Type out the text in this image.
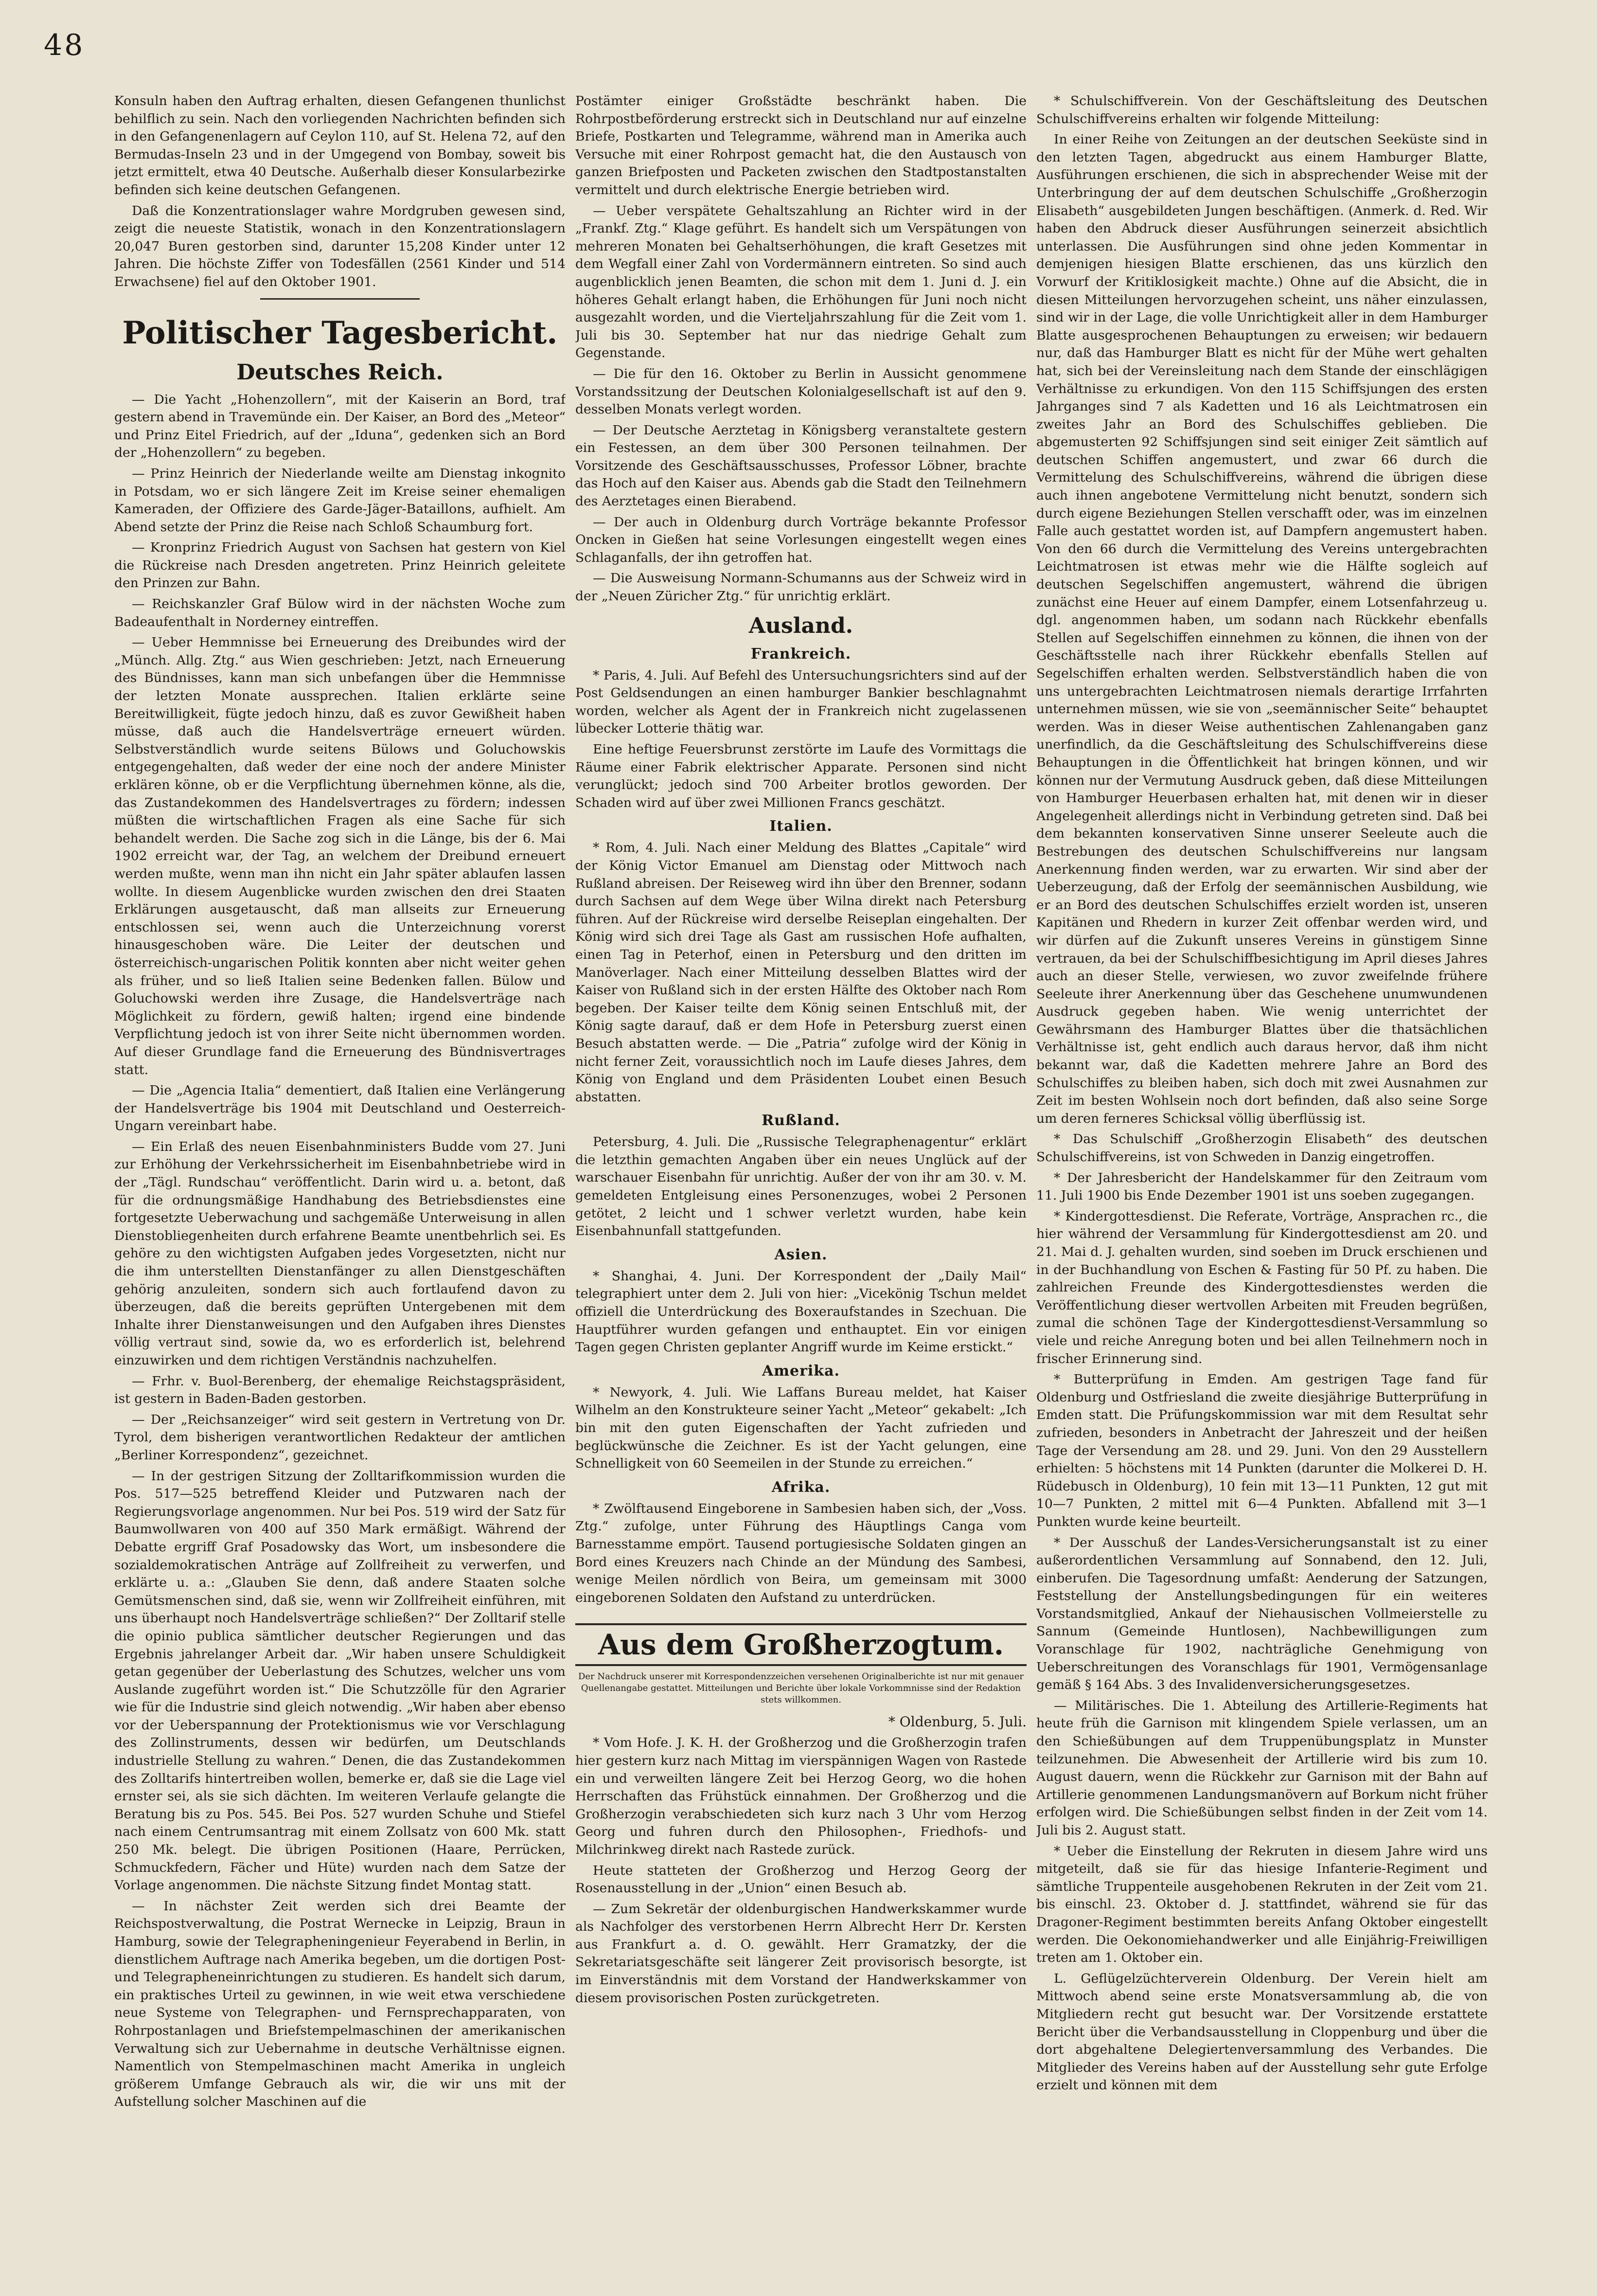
48

Konsuln haben den Auftrag erhalten, diesen Gefangenen thunlichst behilflich zu sein. Nach den vorliegenden Nachrichten befinden sich in den Gefangenenlagern auf Ceylon 110, auf St. Helena 72, auf den Bermudas-Inseln 23 und in der Umgegend von Bombay, soweit bis jetzt ermittelt, etwa 40 Deutsche. Außerhalb dieser Konsularbezirke befinden sich keine deutschen Gefangenen.

Daß die Konzentrationslager wahre Mordgruben gewesen sind, zeigt die neueste Statistik, wonach in den Konzentrationslagern 20,047 Buren gestorben sind, darunter 15,208 Kinder unter 12 Jahren. Die höchste Ziffer von Todesfällen (2561 Kinder und 514 Erwachsene) fiel auf den Oktober 1901.

Politischer Tagesbericht.
Deutsches Reich.

— Die Yacht „Hohenzollern“, mit der Kaiserin an Bord, traf gestern abend in Travemünde ein. Der Kaiser, an Bord des „Meteor“ und Prinz Eitel Friedrich, auf der „Iduna“, gedenken sich an Bord der „Hohenzollern“ zu begeben.

— Prinz Heinrich der Niederlande weilte am Dienstag inkognito in Potsdam, wo er sich längere Zeit im Kreise seiner ehemaligen Kameraden, der Offiziere des Garde-Jäger-Bataillons, aufhielt. Am Abend setzte der Prinz die Reise nach Schloß Schaumburg fort.

— Kronprinz Friedrich August von Sachsen hat gestern von Kiel die Rückreise nach Dresden angetreten. Prinz Heinrich geleitete den Prinzen zur Bahn.

— Reichskanzler Graf Bülow wird in der nächsten Woche zum Badeaufenthalt in Norderney eintreffen.

— Ueber Hemmnisse bei Erneuerung des Dreibundes wird der „Münch. Allg. Ztg.“ aus Wien geschrieben: Jetzt, nach Erneuerung des Bündnisses, kann man sich unbefangen über die Hemmnisse der letzten Monate aussprechen. Italien erklärte seine Bereitwilligkeit, fügte jedoch hinzu, daß es zuvor Gewißheit haben müsse, daß auch die Handelsverträge erneuert würden. Selbstverständlich wurde seitens Bülows und Goluchowskis entgegengehalten, daß weder der eine noch der andere Minister erklären könne, ob er die Verpflichtung übernehmen könne, als die, das Zustandekommen des Handelsvertrages zu fördern; indessen müßten die wirtschaftlichen Fragen als eine Sache für sich behandelt werden. Die Sache zog sich in die Länge, bis der 6. Mai 1902 erreicht war, der Tag, an welchem der Dreibund erneuert werden mußte, wenn man ihn nicht ein Jahr später ablaufen lassen wollte. In diesem Augenblicke wurden zwischen den drei Staaten Erklärungen ausgetauscht, daß man allseits zur Erneuerung entschlossen sei, wenn auch die Unterzeichnung vorerst hinausgeschoben wäre. Die Leiter der deutschen und österreichisch-ungarischen Politik konnten aber nicht weiter gehen als früher, und so ließ Italien seine Bedenken fallen. Bülow und Goluchowski werden ihre Zusage, die Handelsverträge nach Möglichkeit zu fördern, gewiß halten; irgend eine bindende Verpflichtung jedoch ist von ihrer Seite nicht übernommen worden. Auf dieser Grundlage fand die Erneuerung des Bündnisvertrages statt.

— Die „Agencia Italia“ dementiert, daß Italien eine Verlängerung der Handelsverträge bis 1904 mit Deutschland und Oesterreich-Ungarn vereinbart habe.

— Ein Erlaß des neuen Eisenbahnministers Budde vom 27. Juni zur Erhöhung der Verkehrssicherheit im Eisenbahnbetriebe wird in der „Tägl. Rundschau“ veröffentlicht. Darin wird u. a. betont, daß für die ordnungsmäßige Handhabung des Betriebsdienstes eine fortgesetzte Ueberwachung und sachgemäße Unterweisung in allen Dienstobliegenheiten durch erfahrene Beamte unentbehrlich sei. Es gehöre zu den wichtigsten Aufgaben jedes Vorgesetzten, nicht nur die ihm unterstellten Dienstanfänger zu allen Dienstgeschäften gehörig anzuleiten, sondern sich auch fortlaufend davon zu überzeugen, daß die bereits geprüften Untergebenen mit dem Inhalte ihrer Dienstanweisungen und den Aufgaben ihres Dienstes völlig vertraut sind, sowie da, wo es erforderlich ist, belehrend einzuwirken und dem richtigen Verständnis nachzuhelfen.

— Frhr. v. Buol-Berenberg, der ehemalige Reichstagspräsident, ist gestern in Baden-Baden gestorben.

— Der „Reichsanzeiger“ wird seit gestern in Vertretung von Dr. Tyrol, dem bisherigen verantwortlichen Redakteur der amtlichen „Berliner Korrespondenz“, gezeichnet.

— In der gestrigen Sitzung der Zolltarifkommission wurden die Pos. 517—525 betreffend Kleider und Putzwaren nach der Regierungsvorlage angenommen. Nur bei Pos. 519 wird der Satz für Baumwollwaren von 400 auf 350 Mark ermäßigt. Während der Debatte ergriff Graf Posadowsky das Wort, um insbesondere die sozialdemokratischen Anträge auf Zollfreiheit zu verwerfen, und erklärte u. a.: „Glauben Sie denn, daß andere Staaten solche Gemütsmenschen sind, daß sie, wenn wir Zollfreiheit einführen, mit uns überhaupt noch Handelsverträge schließen?“ Der Zolltarif stelle die opinio publica sämtlicher deutscher Regierungen und das Ergebnis jahrelanger Arbeit dar. „Wir haben unsere Schuldigkeit getan gegenüber der Ueberlastung des Schutzes, welcher uns vom Auslande zugeführt worden ist.“ Die Schutzzölle für den Agrarier wie für die Industrie sind gleich notwendig. „Wir haben aber ebenso vor der Ueberspannung der Protektionismus wie vor Verschlagung des Zollinstruments, dessen wir bedürfen, um Deutschlands industrielle Stellung zu wahren.“ Denen, die das Zustandekommen des Zolltarifs hintertreiben wollen, bemerke er, daß sie die Lage viel ernster sei, als sie sich dächten. Im weiteren Verlaufe gelangte die Beratung bis zu Pos. 545. Bei Pos. 527 wurden Schuhe und Stiefel nach einem Centrumsantrag mit einem Zollsatz von 600 Mk. statt 250 Mk. belegt. Die übrigen Positionen (Haare, Perrücken, Schmuckfedern, Fächer und Hüte) wurden nach dem Satze der Vorlage angenommen. Die nächste Sitzung findet Montag statt.

— In nächster Zeit werden sich drei Beamte der Reichspostverwaltung, die Postrat Wernecke in Leipzig, Braun in Hamburg, sowie der Telegrapheningenieur Feyerabend in Berlin, in dienstlichem Auftrage nach Amerika begeben, um die dortigen Post- und Telegrapheneinrichtungen zu studieren. Es handelt sich darum, ein praktisches Urteil zu gewinnen, in wie weit etwa verschiedene neue Systeme von Telegraphen- und Fernsprechapparaten, von Rohrpostanlagen und Briefstempelmaschinen der amerikanischen Verwaltung sich zur Uebernahme in deutsche Verhältnisse eignen. Namentlich von Stempelmaschinen macht Amerika in ungleich größerem Umfange Gebrauch als wir, die wir uns mit der Aufstellung solcher Maschinen auf die

Postämter einiger Großstädte beschränkt haben. Die Rohrpostbeförderung erstreckt sich in Deutschland nur auf einzelne Briefe, Postkarten und Telegramme, während man in Amerika auch Versuche mit einer Rohrpost gemacht hat, die den Austausch von ganzen Briefposten und Packeten zwischen den Stadtpostanstalten vermittelt und durch elektrische Energie betrieben wird.

— Ueber verspätete Gehaltszahlung an Richter wird in der „Frankf. Ztg.“ Klage geführt. Es handelt sich um Verspätungen von mehreren Monaten bei Gehaltserhöhungen, die kraft Gesetzes mit dem Wegfall einer Zahl von Vordermännern eintreten. So sind auch augenblicklich jenen Beamten, die schon mit dem 1. Juni d. J. ein höheres Gehalt erlangt haben, die Erhöhungen für Juni noch nicht ausgezahlt worden, und die Vierteljahrszahlung für die Zeit vom 1. Juli bis 30. September hat nur das niedrige Gehalt zum Gegenstande.

— Die für den 16. Oktober zu Berlin in Aussicht genommene Vorstandssitzung der Deutschen Kolonialgesellschaft ist auf den 9. desselben Monats verlegt worden.

— Der Deutsche Aerztetag in Königsberg veranstaltete gestern ein Festessen, an dem über 300 Personen teilnahmen. Der Vorsitzende des Geschäftsausschusses, Professor Löbner, brachte das Hoch auf den Kaiser aus. Abends gab die Stadt den Teilnehmern des Aerztetages einen Bierabend.

— Der auch in Oldenburg durch Vorträge bekannte Professor Oncken in Gießen hat seine Vorlesungen eingestellt wegen eines Schlaganfalls, der ihn getroffen hat.

— Die Ausweisung Normann-Schumanns aus der Schweiz wird in der „Neuen Züricher Ztg.“ für unrichtig erklärt.

Ausland.
Frankreich.

* Paris, 4. Juli. Auf Befehl des Untersuchungsrichters sind auf der Post Geldsendungen an einen hamburger Bankier beschlagnahmt worden, welcher als Agent der in Frankreich nicht zugelassenen lübecker Lotterie thätig war.

Eine heftige Feuersbrunst zerstörte im Laufe des Vormittags die Räume einer Fabrik elektrischer Apparate. Personen sind nicht verunglückt; jedoch sind 700 Arbeiter brotlos geworden. Der Schaden wird auf über zwei Millionen Francs geschätzt.

Italien.

* Rom, 4. Juli. Nach einer Meldung des Blattes „Capitale“ wird der König Victor Emanuel am Dienstag oder Mittwoch nach Rußland abreisen. Der Reiseweg wird ihn über den Brenner, sodann durch Sachsen auf dem Wege über Wilna direkt nach Petersburg führen. Auf der Rückreise wird derselbe Reiseplan eingehalten. Der König wird sich drei Tage als Gast am russischen Hofe aufhalten, einen Tag in Peterhof, einen in Petersburg und den dritten im Manöverlager. Nach einer Mitteilung desselben Blattes wird der Kaiser von Rußland sich in der ersten Hälfte des Oktober nach Rom begeben. Der Kaiser teilte dem König seinen Entschluß mit, der König sagte darauf, daß er dem Hofe in Petersburg zuerst einen Besuch abstatten werde. — Die „Patria“ zufolge wird der König in nicht ferner Zeit, voraussichtlich noch im Laufe dieses Jahres, dem König von England und dem Präsidenten Loubet einen Besuch abstatten.

Rußland.

Petersburg, 4. Juli. Die „Russische Telegraphenagentur“ erklärt die letzthin gemachten Angaben über ein neues Unglück auf der warschauer Eisenbahn für unrichtig. Außer der von ihr am 30. v. M. gemeldeten Entgleisung eines Personenzuges, wobei 2 Personen getötet, 2 leicht und 1 schwer verletzt wurden, habe kein Eisenbahnunfall stattgefunden.

Asien.

* Shanghai, 4. Juni. Der Korrespondent der „Daily Mail“ telegraphiert unter dem 2. Juli von hier: „Vicekönig Tschun meldet offiziell die Unterdrückung des Boxeraufstandes in Szechuan. Die Hauptführer wurden gefangen und enthauptet. Ein vor einigen Tagen gegen Christen geplanter Angriff wurde im Keime erstickt.“

Amerika.

* Newyork, 4. Juli. Wie Laffans Bureau meldet, hat Kaiser Wilhelm an den Konstrukteure seiner Yacht „Meteor“ gekabelt: „Ich bin mit den guten Eigenschaften der Yacht zufrieden und beglückwünsche die Zeichner. Es ist der Yacht gelungen, eine Schnelligkeit von 60 Seemeilen in der Stunde zu erreichen.“

Afrika.

* Zwölftausend Eingeborene in Sambesien haben sich, der „Voss. Ztg.“ zufolge, unter Führung des Häuptlings Canga vom Barnesstamme empört. Tausend portugiesische Soldaten gingen an Bord eines Kreuzers nach Chinde an der Mündung des Sambesi, wenige Meilen nördlich von Beira, um gemeinsam mit 3000 eingeborenen Soldaten den Aufstand zu unterdrücken.

Aus dem Großherzogtum.

Der Nachdruck unserer mit Korrespondenzzeichen versehenen Originalberichte ist nur mit genauer Quellenangabe gestattet. Mitteilungen und Berichte über lokale Vorkommnisse sind der Redaktion stets willkommen.

* Oldenburg, 5. Juli.

* Vom Hofe. J. K. H. der Großherzog und die Großherzogin trafen hier gestern kurz nach Mittag im vierspännigen Wagen von Rastede ein und verweilten längere Zeit bei Herzog Georg, wo die hohen Herrschaften das Frühstück einnahmen. Der Großherzog und die Großherzogin verabschiedeten sich kurz nach 3 Uhr vom Herzog Georg und fuhren durch den Philosophen-, Friedhofs- und Milchrinkweg direkt nach Rastede zurück.

Heute statteten der Großherzog und Herzog Georg der Rosenausstellung in der „Union“ einen Besuch ab.

— Zum Sekretär der oldenburgischen Handwerkskammer wurde als Nachfolger des verstorbenen Herrn Albrecht Herr Dr. Kersten aus Frankfurt a. d. O. gewählt. Herr Gramatzky, der die Sekretariatsgeschäfte seit längerer Zeit provisorisch besorgte, ist im Einverständnis mit dem Vorstand der Handwerkskammer von diesem provisorischen Posten zurückgetreten.

* Schulschiffverein. Von der Geschäftsleitung des Deutschen Schulschiffvereins erhalten wir folgende Mitteilung:

In einer Reihe von Zeitungen an der deutschen Seeküste sind in den letzten Tagen, abgedruckt aus einem Hamburger Blatte, Ausführungen erschienen, die sich in absprechender Weise mit der Unterbringung der auf dem deutschen Schulschiffe „Großherzogin Elisabeth“ ausgebildeten Jungen beschäftigen. (Anmerk. d. Red. Wir haben den Abdruck dieser Ausführungen seinerzeit absichtlich unterlassen. Die Ausführungen sind ohne jeden Kommentar in demjenigen hiesigen Blatte erschienen, das uns kürzlich den Vorwurf der Kritiklosigkeit machte.) Ohne auf die Absicht, die in diesen Mitteilungen hervorzugehen scheint, uns näher einzulassen, sind wir in der Lage, die volle Unrichtigkeit aller in dem Hamburger Blatte ausgesprochenen Behauptungen zu erweisen; wir bedauern nur, daß das Hamburger Blatt es nicht für der Mühe wert gehalten hat, sich bei der Vereinsleitung nach dem Stande der einschlägigen Verhältnisse zu erkundigen. Von den 115 Schiffsjungen des ersten Jahrganges sind 7 als Kadetten und 16 als Leichtmatrosen ein zweites Jahr an Bord des Schulschiffes geblieben. Die abgemusterten 92 Schiffsjungen sind seit einiger Zeit sämtlich auf deutschen Schiffen angemustert, und zwar 66 durch die Vermittelung des Schulschiffvereins, während die übrigen diese auch ihnen angebotene Vermittelung nicht benutzt, sondern sich durch eigene Beziehungen Stellen verschafft oder, was im einzelnen Falle auch gestattet worden ist, auf Dampfern angemustert haben. Von den 66 durch die Vermittelung des Vereins untergebrachten Leichtmatrosen ist etwas mehr wie die Hälfte sogleich auf deutschen Segelschiffen angemustert, während die übrigen zunächst eine Heuer auf einem Dampfer, einem Lotsenfahrzeug u. dgl. angenommen haben, um sodann nach Rückkehr ebenfalls Stellen auf Segelschiffen einnehmen zu können, die ihnen von der Geschäftsstelle nach ihrer Rückkehr ebenfalls Stellen auf Segelschiffen erhalten werden. Selbstverständlich haben die von uns untergebrachten Leichtmatrosen niemals derartige Irrfahrten unternehmen müssen, wie sie von „seemännischer Seite“ behauptet werden. Was in dieser Weise authentischen Zahlenangaben ganz unerfindlich, da die Geschäftsleitung des Schulschiffvereins diese Behauptungen in die Öffentlichkeit hat bringen können, und wir können nur der Vermutung Ausdruck geben, daß diese Mitteilungen von Hamburger Heuerbasen erhalten hat, mit denen wir in dieser Angelegenheit allerdings nicht in Verbindung getreten sind. Daß bei dem bekannten konservativen Sinne unserer Seeleute auch die Bestrebungen des deutschen Schulschiffvereins nur langsam Anerkennung finden werden, war zu erwarten. Wir sind aber der Ueberzeugung, daß der Erfolg der seemännischen Ausbildung, wie er an Bord des deutschen Schulschiffes erzielt worden ist, unseren Kapitänen und Rhedern in kurzer Zeit offenbar werden wird, und wir dürfen auf die Zukunft unseres Vereins in günstigem Sinne vertrauen, da bei der Schulschiffbesichtigung im April dieses Jahres auch an dieser Stelle, verwiesen, wo zuvor zweifelnde frühere Seeleute ihrer Anerkennung über das Geschehene unumwundenen Ausdruck gegeben haben. Wie wenig unterrichtet der Gewährsmann des Hamburger Blattes über die thatsächlichen Verhältnisse ist, geht endlich auch daraus hervor, daß ihm nicht bekannt war, daß die Kadetten mehrere Jahre an Bord des Schulschiffes zu bleiben haben, sich doch mit zwei Ausnahmen zur Zeit im besten Wohlsein noch dort befinden, daß also seine Sorge um deren ferneres Schicksal völlig überflüssig ist.

* Das Schulschiff „Großherzogin Elisabeth“ des deutschen Schulschiffvereins, ist von Schweden in Danzig eingetroffen.

* Der Jahresbericht der Handelskammer für den Zeitraum vom 11. Juli 1900 bis Ende Dezember 1901 ist uns soeben zugegangen.

* Kindergottesdienst. Die Referate, Vorträge, Ansprachen rc., die hier während der Versammlung für Kindergottesdienst am 20. und 21. Mai d. J. gehalten wurden, sind soeben im Druck erschienen und in der Buchhandlung von Eschen & Fasting für 50 Pf. zu haben. Die zahlreichen Freunde des Kindergottesdienstes werden die Veröffentlichung dieser wertvollen Arbeiten mit Freuden begrüßen, zumal die schönen Tage der Kindergottesdienst-Versammlung so viele und reiche Anregung boten und bei allen Teilnehmern noch in frischer Erinnerung sind.

* Butterprüfung in Emden. Am gestrigen Tage fand für Oldenburg und Ostfriesland die zweite diesjährige Butterprüfung in Emden statt. Die Prüfungskommission war mit dem Resultat sehr zufrieden, besonders in Anbetracht der Jahreszeit und der heißen Tage der Versendung am 28. und 29. Juni. Von den 29 Ausstellern erhielten: 5 höchstens mit 14 Punkten (darunter die Molkerei D. H. Rüdebusch in Oldenburg), 10 fein mit 13—11 Punkten, 12 gut mit 10—7 Punkten, 2 mittel mit 6—4 Punkten. Abfallend mit 3—1 Punkten wurde keine beurteilt.

* Der Ausschuß der Landes-Versicherungsanstalt ist zu einer außerordentlichen Versammlung auf Sonnabend, den 12. Juli, einberufen. Die Tagesordnung umfaßt: Aenderung der Satzungen, Feststellung der Anstellungsbedingungen für ein weiteres Vorstandsmitglied, Ankauf der Niehausischen Vollmeierstelle zu Sannum (Gemeinde Huntlosen), Nachbewilligungen zum Voranschlage für 1902, nachträgliche Genehmigung von Ueberschreitungen des Voranschlags für 1901, Vermögensanlage gemäß § 164 Abs. 3 des Invalidenversicherungsgesetzes.

— Militärisches. Die 1. Abteilung des Artillerie-Regiments hat heute früh die Garnison mit klingendem Spiele verlassen, um an den Schießübungen auf dem Truppenübungsplatz in Munster teilzunehmen. Die Abwesenheit der Artillerie wird bis zum 10. August dauern, wenn die Rückkehr zur Garnison mit der Bahn auf Artillerie genommenen Landungsmanövern auf Borkum nicht früher erfolgen wird. Die Schießübungen selbst finden in der Zeit vom 14. Juli bis 2. August statt.

* Ueber die Einstellung der Rekruten in diesem Jahre wird uns mitgeteilt, daß sie für das hiesige Infanterie-Regiment und sämtliche Truppenteile ausgehobenen Rekruten in der Zeit vom 21. bis einschl. 23. Oktober d. J. stattfindet, während sie für das Dragoner-Regiment bestimmten bereits Anfang Oktober eingestellt werden. Die Oekonomiehandwerker und alle Einjährig-Freiwilligen treten am 1. Oktober ein.

L. Geflügelzüchterverein Oldenburg. Der Verein hielt am Mittwoch abend seine erste Monatsversammlung ab, die von Mitgliedern recht gut besucht war. Der Vorsitzende erstattete Bericht über die Verbandsausstellung in Cloppenburg und über die dort abgehaltene Delegiertenversammlung des Verbandes. Die Mitglieder des Vereins haben auf der Ausstellung sehr gute Erfolge erzielt und können mit dem
